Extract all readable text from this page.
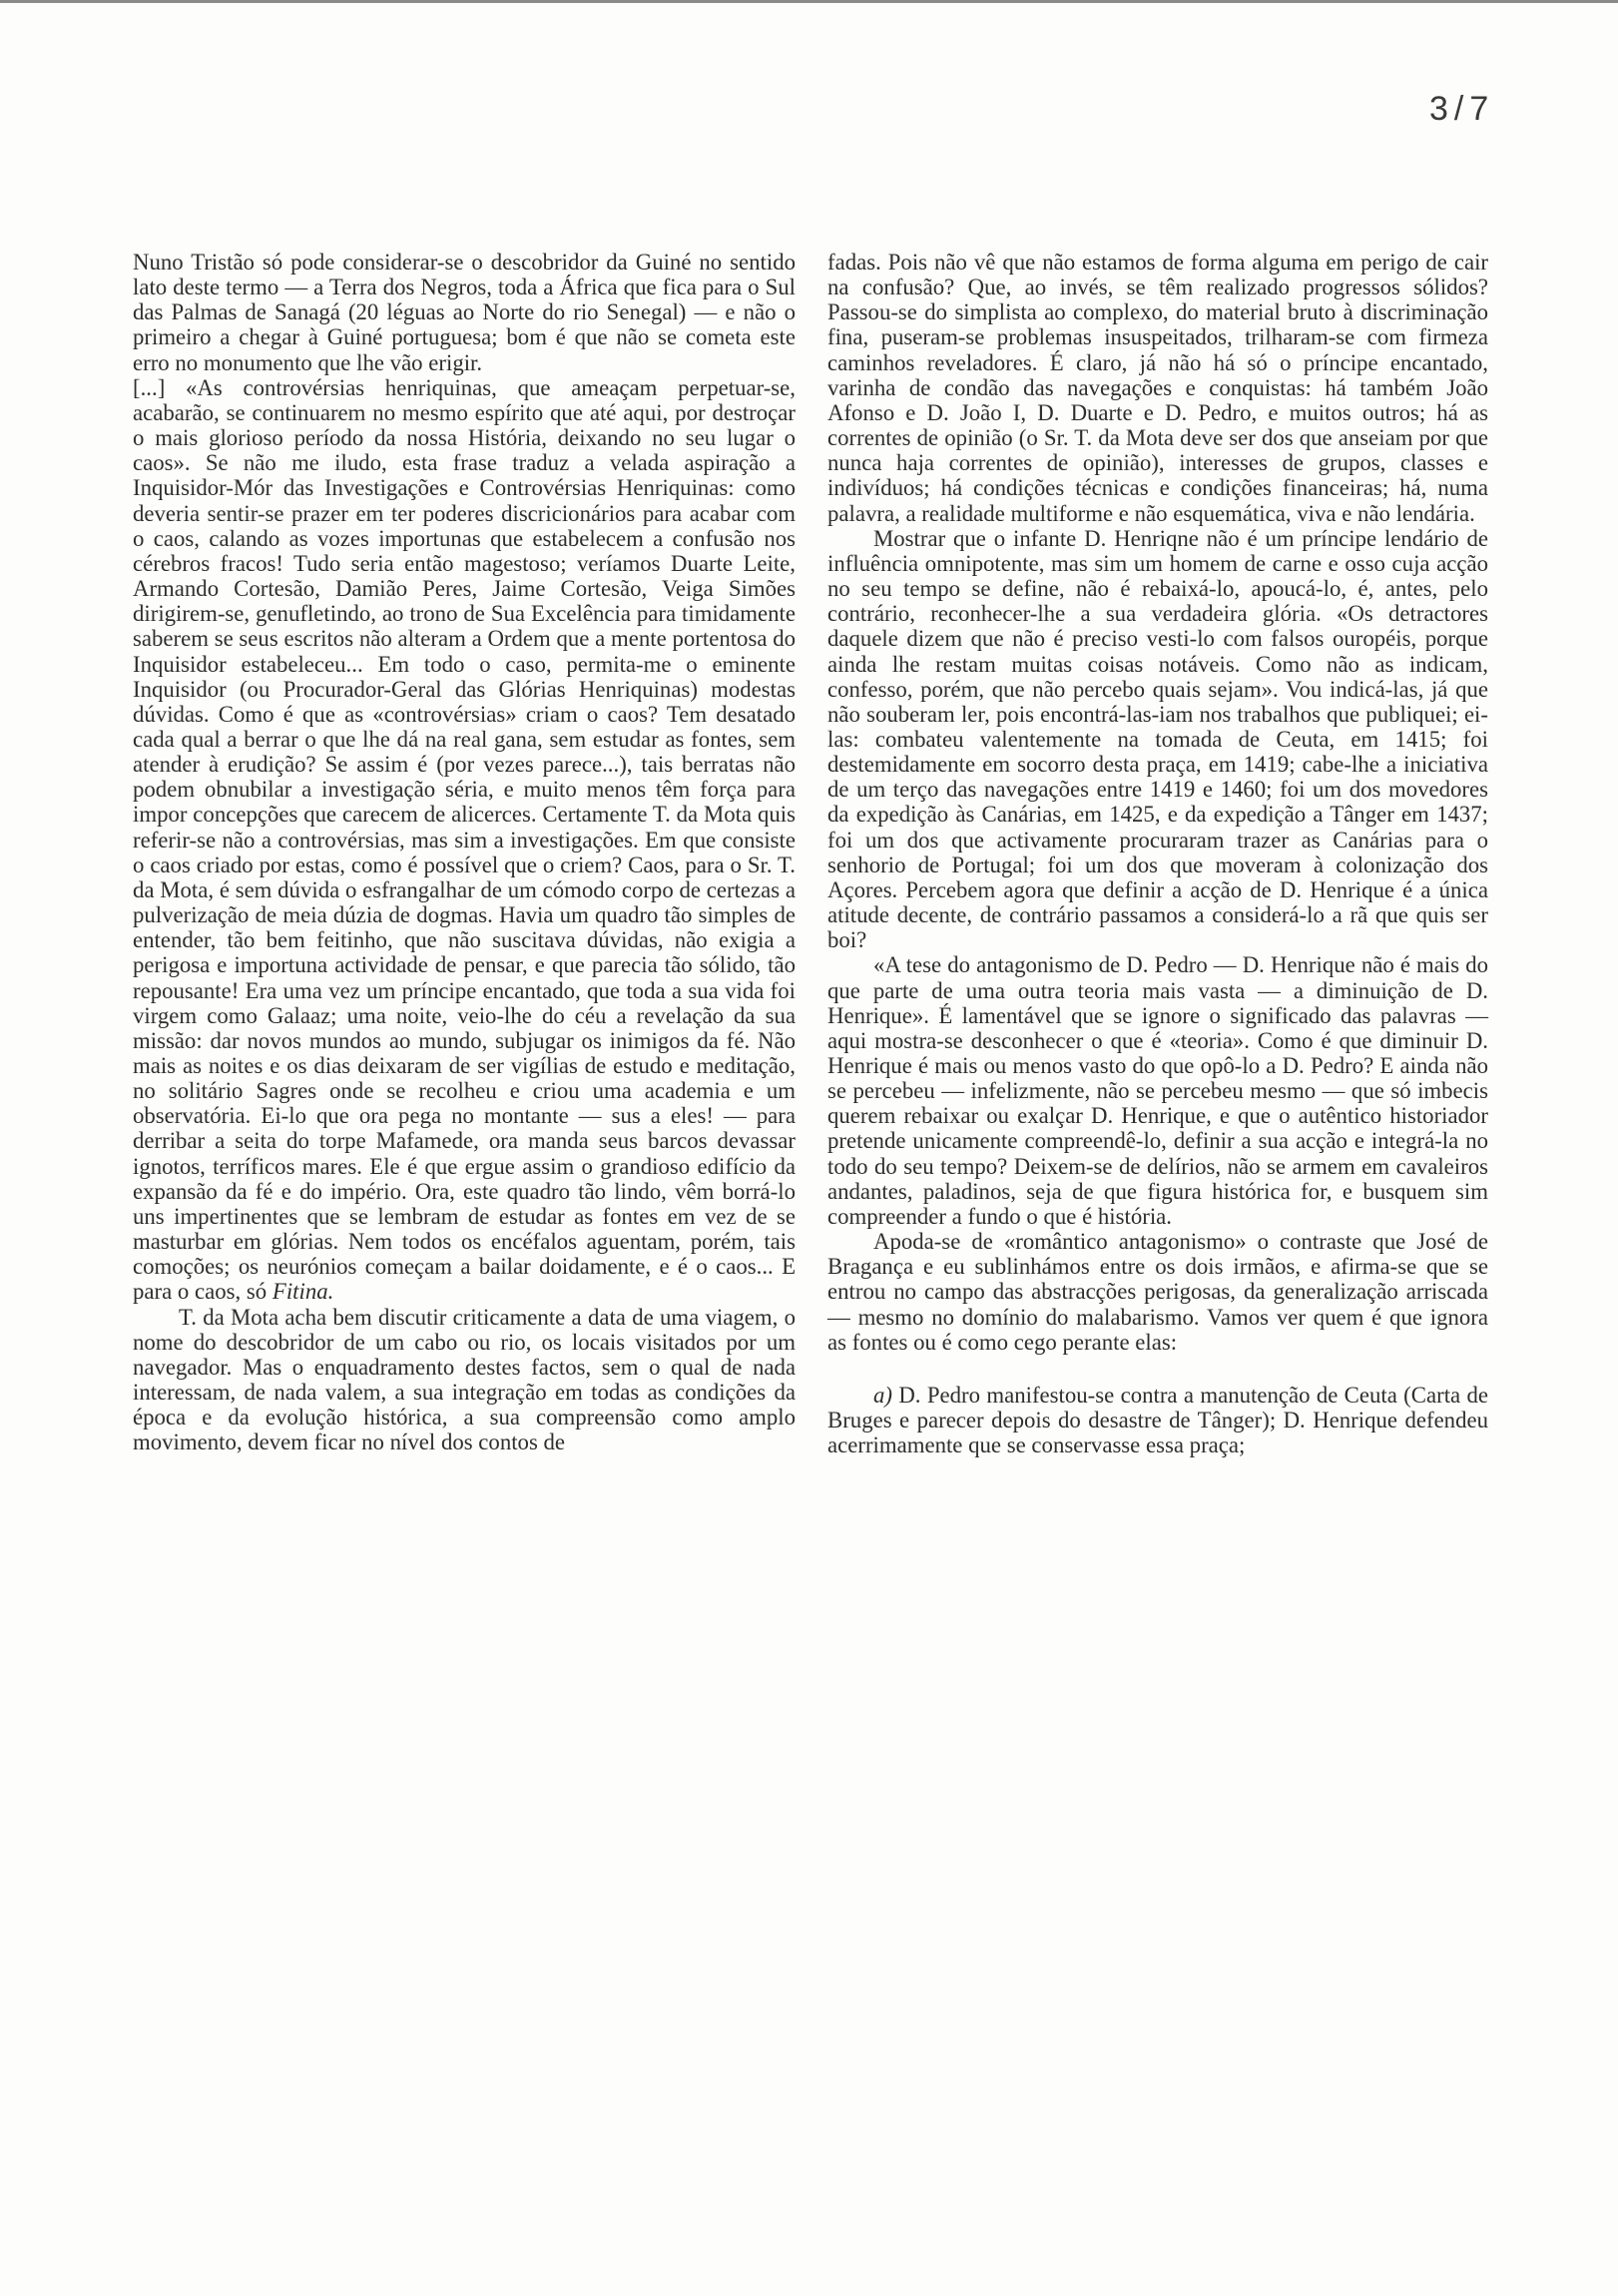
3/7

Nuno Tristão só pode considerar-se o descobridor da Guiné no sentido lato deste termo — a Terra dos Negros, toda a África que fica para o Sul das Palmas de Sanagá (20 léguas ao Norte do rio Senegal) — e não o primeiro a chegar à Guiné portuguesa; bom é que não se cometa este erro no monumento que lhe vão erigir.

[...] «As controvérsias henriquinas, que ameaçam perpetuar-se, acabarão, se continuarem no mesmo espírito que até aqui, por destroçar o mais glorioso período da nossa História, deixando no seu lugar o caos». Se não me iludo, esta frase traduz a velada aspiração a Inquisidor-Mór das Investigações e Controvérsias Henriquinas: como deveria sentir-se prazer em ter poderes discricionários para acabar com o caos, calando as vozes importunas que estabelecem a confusão nos cérebros fracos! Tudo seria então magestoso; veríamos Duarte Leite, Armando Cortesão, Damião Peres, Jaime Cortesão, Veiga Simões dirigirem-se, genufletindo, ao trono de Sua Excelência para timidamente saberem se seus escritos não alteram a Ordem que a mente portentosa do Inquisidor estabeleceu... Em todo o caso, permita-me o eminente Inquisidor (ou Procurador-Geral das Glórias Henriquinas) modestas dúvidas. Como é que as «controvérsias» criam o caos? Tem desatado cada qual a berrar o que lhe dá na real gana, sem estudar as fontes, sem atender à erudição? Se assim é (por vezes parece...), tais berratas não podem obnubilar a investigação séria, e muito menos têm força para impor concepções que carecem de alicerces. Certamente T. da Mota quis referir-se não a controvérsias, mas sim a investigações. Em que consiste o caos criado por estas, como é possível que o criem? Caos, para o Sr. T. da Mota, é sem dúvida o esfrangalhar de um cómodo corpo de certezas a pulverização de meia dúzia de dogmas. Havia um quadro tão simples de entender, tão bem feitinho, que não suscitava dúvidas, não exigia a perigosa e importuna actividade de pensar, e que parecia tão sólido, tão repousante! Era uma vez um príncipe encantado, que toda a sua vida foi virgem como Galaaz; uma noite, veio-lhe do céu a revelação da sua missão: dar novos mundos ao mundo, subjugar os inimigos da fé. Não mais as noites e os dias deixaram de ser vigílias de estudo e meditação, no solitário Sagres onde se recolheu e criou uma academia e um observatória. Ei-lo que ora pega no montante — sus a eles! — para derribar a seita do torpe Mafamede, ora manda seus barcos devassar ignotos, terríficos mares. Ele é que ergue assim o grandioso edifício da expansão da fé e do império. Ora, este quadro tão lindo, vêm borrá-lo uns impertinentes que se lembram de estudar as fontes em vez de se masturbar em glórias. Nem todos os encéfalos aguentam, porém, tais comoções; os neurónios começam a bailar doidamente, e é o caos... E para o caos, só Fitina.

T. da Mota acha bem discutir criticamente a data de uma viagem, o nome do descobridor de um cabo ou rio, os locais visitados por um navegador. Mas o enquadramento destes factos, sem o qual de nada interessam, de nada valem, a sua integração em todas as condições da época e da evolução histórica, a sua compreensão como amplo movimento, devem ficar no nível dos contos de

fadas. Pois não vê que não estamos de forma alguma em perigo de cair na confusão? Que, ao invés, se têm realizado progressos sólidos? Passou-se do simplista ao complexo, do material bruto à discriminação fina, puseram-se problemas insuspeitados, trilharam-se com firmeza caminhos reveladores. É claro, já não há só o príncipe encantado, varinha de condão das navegações e conquistas: há também João Afonso e D. João I, D. Duarte e D. Pedro, e muitos outros; há as correntes de opinião (o Sr. T. da Mota deve ser dos que anseiam por que nunca haja correntes de opinião), interesses de grupos, classes e indivíduos; há condições técnicas e condições financeiras; há, numa palavra, a realidade multiforme e não esquemática, viva e não lendária.

Mostrar que o infante D. Henriqne não é um príncipe lendário de influência omnipotente, mas sim um homem de carne e osso cuja acção no seu tempo se define, não é rebaixá-lo, apoucá-lo, é, antes, pelo contrário, reconhecer-lhe a sua verdadeira glória. «Os detractores daquele dizem que não é preciso vesti-lo com falsos ouropéis, porque ainda lhe restam muitas coisas notáveis. Como não as indicam, confesso, porém, que não percebo quais sejam». Vou indicá-las, já que não souberam ler, pois encontrá-las-iam nos trabalhos que publiquei; ei-las: combateu valentemente na tomada de Ceuta, em 1415; foi destemidamente em socorro desta praça, em 1419; cabe-lhe a iniciativa de um terço das navegações entre 1419 e 1460; foi um dos movedores da expedição às Canárias, em 1425, e da expedição a Tânger em 1437; foi um dos que activamente procuraram trazer as Canárias para o senhorio de Portugal; foi um dos que moveram à colonização dos Açores. Percebem agora que definir a acção de D. Henrique é a única atitude decente, de contrário passamos a considerá-lo a rã que quis ser boi?

«A tese do antagonismo de D. Pedro — D. Henrique não é mais do que parte de uma outra teoria mais vasta — a diminuição de D. Henrique». É lamentável que se ignore o significado das palavras — aqui mostra-se desconhecer o que é «teoria». Como é que diminuir D. Henrique é mais ou menos vasto do que opô-lo a D. Pedro? E ainda não se percebeu — infelizmente, não se percebeu mesmo — que só imbecis querem rebaixar ou exalçar D. Henrique, e que o autêntico historiador pretende unicamente compreendê-lo, definir a sua acção e integrá-la no todo do seu tempo? Deixem-se de delírios, não se armem em cavaleiros andantes, paladinos, seja de que figura histórica for, e busquem sim compreender a fundo o que é história.

Apoda-se de «romântico antagonismo» o contraste que José de Bragança e eu sublinhámos entre os dois irmãos, e afirma-se que se entrou no campo das abstracções perigosas, da generalização arriscada — mesmo no domínio do malabarismo. Vamos ver quem é que ignora as fontes ou é como cego perante elas:

a) D. Pedro manifestou-se contra a manutenção de Ceuta (Carta de Bruges e parecer depois do desastre de Tânger); D. Henrique defendeu acerrimamente que se conservasse essa praça;
